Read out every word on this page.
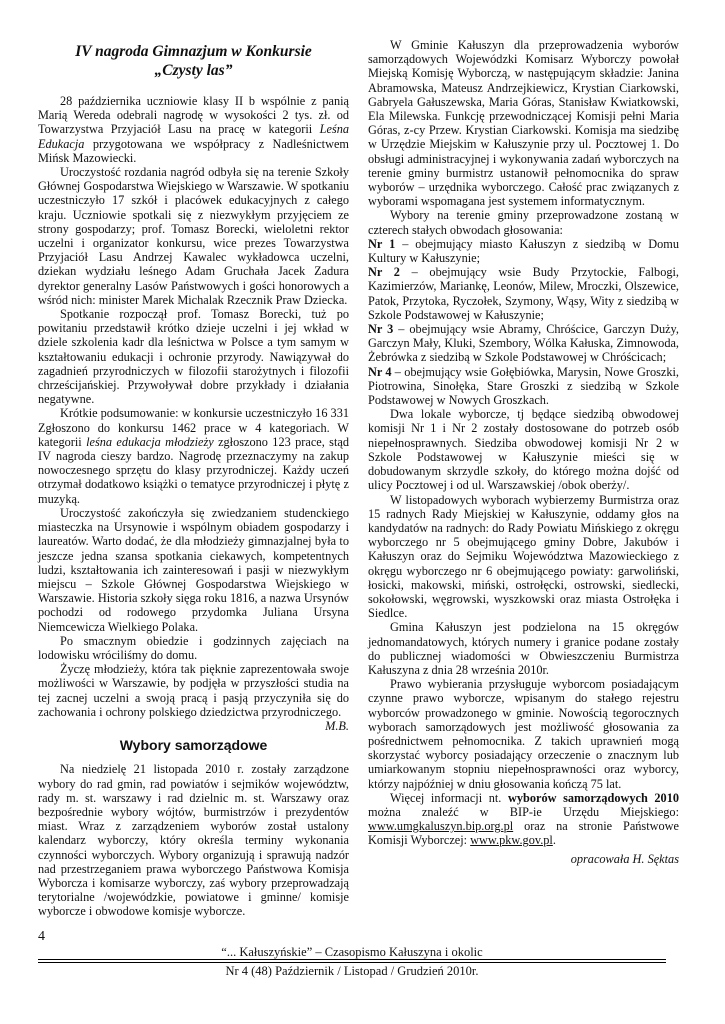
IV nagroda Gimnazjum w Konkursie
„Czysty las”

28 października uczniowie klasy II b wspólnie z panią Marią Wereda odebrali nagrodę w wysokości 2 tys. zł. od Towarzystwa Przyjaciół Lasu na pracę w kategorii Leśna Edukacja przygotowana we współpracy z Nadleśnictwem Mińsk Mazowiecki.

Uroczystość rozdania nagród odbyła się na terenie Szkoły Głównej Gospodarstwa Wiejskiego w Warszawie. W spotkaniu uczestniczyło 17 szkół i placówek edukacyjnych z całego kraju. Uczniowie spotkali się z niezwykłym przyjęciem ze strony gospodarzy; prof. Tomasz Borecki, wieloletni rektor uczelni i organizator konkursu, wice prezes Towarzystwa Przyjaciół Lasu Andrzej Kawalec wykładowca uczelni, dziekan wydziału leśnego Adam Gruchała Jacek Zadura dyrektor generalny Lasów Państwowych i gości honorowych a wśród nich: minister Marek Michalak Rzecznik Praw Dziecka.

Spotkanie rozpoczął prof. Tomasz Borecki, tuż po powitaniu przedstawił krótko dzieje uczelni i jej wkład w dziele szkolenia kadr dla leśnictwa w Polsce a tym samym w kształtowaniu edukacji i ochronie przyrody. Nawiązywał do zagadnień przyrodniczych w filozofii starożytnych i filozofii chrześcijańskiej. Przywoływał dobre przykłady i działania negatywne.

Krótkie podsumowanie: w konkursie uczestniczyło 16 331 Zgłoszono do konkursu 1462 prace w 4 kategoriach. W kategorii leśna edukacja młodzieży zgłoszono 123 prace, stąd IV nagroda cieszy bardzo. Nagrodę przeznaczymy na zakup nowoczesnego sprzętu do klasy przyrodniczej. Każdy uczeń otrzymał dodatkowo książki o tematyce przyrodniczej i płytę z muzyką.

Uroczystość zakończyła się zwiedzaniem studenckiego miasteczka na Ursynowie i wspólnym obiadem gospodarzy i laureatów. Warto dodać, że dla młodzieży gimnazjalnej była to jeszcze jedna szansa spotkania ciekawych, kompetentnych ludzi, kształtowania ich zainteresowań i pasji w niezwykłym miejscu – Szkole Głównej Gospodarstwa Wiejskiego w Warszawie. Historia szkoły sięga roku 1816, a nazwa Ursynów pochodzi od rodowego przydomka Juliana Ursyna Niemcewicza Wielkiego Polaka.

Po smacznym obiedzie i godzinnych zajęciach na lodowisku wróciliśmy do domu.

Życzę młodzieży, która tak pięknie zaprezentowała swoje możliwości w Warszawie, by podjęła w przyszłości studia na tej zacnej uczelni a swoją pracą i pasją przyczyniła się do zachowania i ochrony polskiego dziedzictwa przyrodniczego.

M.B.

Wybory samorządowe

Na niedzielę 21 listopada 2010 r. zostały zarządzone wybory do rad gmin, rad powiatów i sejmików województw, rady m. st. warszawy i rad dzielnic m. st. Warszawy oraz bezpośrednie wybory wójtów, burmistrzów i prezydentów miast. Wraz z zarządzeniem wyborów został ustalony kalendarz wyborczy, który określa terminy wykonania czynności wyborczych. Wybory organizują i sprawują nadzór nad przestrzeganiem prawa wyborczego Państwowa Komisja Wyborcza i komisarze wyborczy, zaś wybory przeprowadzają terytorialne /wojewódzkie, powiatowe i gminne/ komisje wyborcze i obwodowe komisje wyborcze.

W Gminie Kałuszyn dla przeprowadzenia wyborów samorządowych Wojewódzki Komisarz Wyborczy powołał Miejską Komisję Wyborczą, w następującym składzie: Janina Abramowska, Mateusz Andrzejkiewicz, Krystian Ciarkowski, Gabryela Gałuszewska, Maria Góras, Stanisław Kwiatkowski, Ela Milewska. Funkcję przewodniczącej Komisji pełni Maria Góras, z-cy Przew. Krystian Ciarkowski. Komisja ma siedzibę w Urzędzie Miejskim w Kałuszynie przy ul. Pocztowej 1. Do obsługi administracyjnej i wykonywania zadań wyborczych na terenie gminy burmistrz ustanowił pełnomocnika do spraw wyborów – urzędnika wyborczego. Całość prac związanych z wyborami wspomagana jest systemem informatycznym.

Wybory na terenie gminy przeprowadzone zostaną w czterech stałych obwodach głosowania:

Nr 1 – obejmujący miasto Kałuszyn z siedzibą w Domu Kultury w Kałuszynie;

Nr 2 – obejmujący wsie Budy Przytockie, Falbogi, Kazimierzów, Mariankę, Leonów, Milew, Mroczki, Olszewice, Patok, Przytoka, Ryczołek, Szymony, Wąsy, Wity z siedzibą w Szkole Podstawowej w Kałuszynie;

Nr 3 – obejmujący wsie Abramy, Chróścice, Garczyn Duży, Garczyn Mały, Kluki, Szembory, Wólka Kałuska, Zimnowoda, Żebrówka z siedzibą w Szkole Podstawowej w Chróścicach;

Nr 4 – obejmujący wsie Gołębiówka, Marysin, Nowe Groszki, Piotrowina, Sinołęka, Stare Groszki z siedzibą w Szkole Podstawowej w Nowych Groszkach.

Dwa lokale wyborcze, tj będące siedzibą obwodowej komisji Nr 1 i Nr 2 zostały dostosowane do potrzeb osób niepełnosprawnych. Siedziba obwodowej komisji Nr 2 w Szkole Podstawowej w Kałuszynie mieści się w dobudowanym skrzydle szkoły, do którego można dojść od ulicy Pocztowej i od ul. Warszawskiej /obok oberży/.

W listopadowych wyborach wybierzemy Burmistrza oraz 15 radnych Rady Miejskiej w Kałuszynie, oddamy głos na kandydatów na radnych: do Rady Powiatu Mińskiego z okręgu wyborczego nr 5 obejmującego gminy Dobre, Jakubów i Kałuszyn oraz do Sejmiku Województwa Mazowieckiego z okręgu wyborczego nr 6 obejmującego powiaty: garwoliński, łosicki, makowski, miński, ostrołęcki, ostrowski, siedlecki, sokołowski, węgrowski, wyszkowski oraz miasta Ostrołęka i Siedlce.

Gmina Kałuszyn jest podzielona na 15 okręgów jednomandatowych, których numery i granice podane zostały do publicznej wiadomości w Obwieszczeniu Burmistrza Kałuszyna z dnia 28 września 2010r.

Prawo wybierania przysługuje wyborcom posiadającym czynne prawo wyborcze, wpisanym do stałego rejestru wyborców prowadzonego w gminie. Nowością tegorocznych wyborach samorządowych jest możliwość głosowania za pośrednictwem pełnomocnika. Z takich uprawnień mogą skorzystać wyborcy posiadający orzeczenie o znacznym lub umiarkowanym stopniu niepełnosprawności oraz wyborcy, którzy najpóźniej w dniu głosowania kończą 75 lat.

Więcej informacji nt. wyborów samorządowych 2010 można znaleźć w BIP-ie Urzędu Miejskiego: www.umgkaluszyn.bip.org.pl oraz na stronie Państwowe Komisji Wyborczej: www.pkw.gov.pl.

opracowała H. Sęktas

4
“... Kałuszyńskie” – Czasopismo Kałuszyna i okolic
Nr 4 (48) Październik / Listopad / Grudzień 2010r.
